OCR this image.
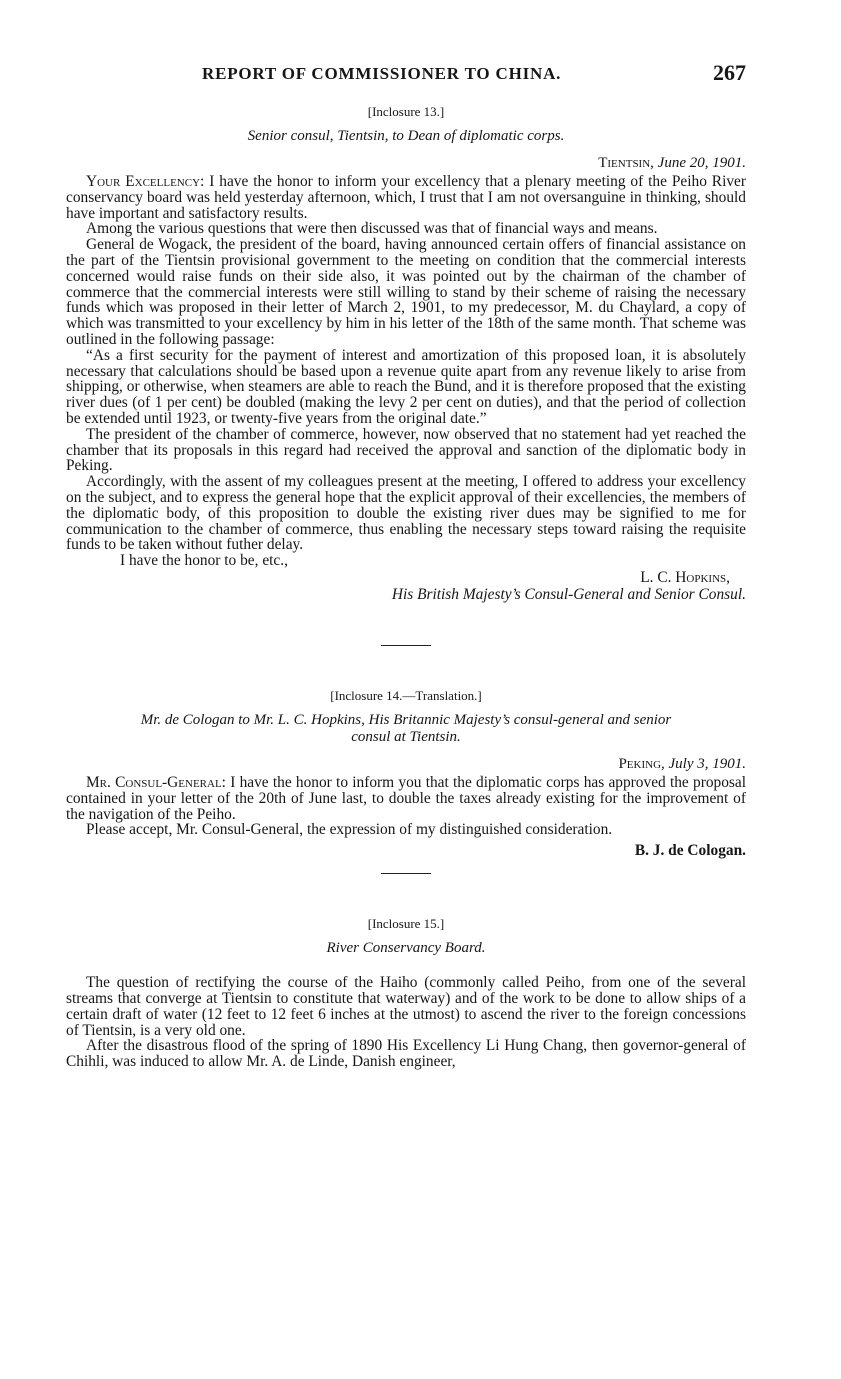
REPORT OF COMMISSIONER TO CHINA.	267
[Inclosure 13.]
Senior consul, Tientsin, to Dean of diplomatic corps.
Tientsin, June 20, 1901.

Your Excellency: I have the honor to inform your excellency that a plenary meeting of the Peiho River conservancy board was held yesterday afternoon, which, I trust that I am not oversanguine in thinking, should have important and satisfactory results.

Among the various questions that were then discussed was that of financial ways and means.

General de Wogack, the president of the board, having announced certain offers of financial assistance on the part of the Tientsin provisional government to the meeting on condition that the commercial interests concerned would raise funds on their side also, it was pointed out by the chairman of the chamber of commerce that the commercial interests were still willing to stand by their scheme of raising the necessary funds which was proposed in their letter of March 2, 1901, to my predecessor, M. du Chaylard, a copy of which was transmitted to your excellency by him in his letter of the 18th of the same month. That scheme was outlined in the following passage:

“As a first security for the payment of interest and amortization of this proposed loan, it is absolutely necessary that calculations should be based upon a revenue quite apart from any revenue likely to arise from shipping, or otherwise, when steamers are able to reach the Bund, and it is therefore proposed that the existing river dues (of 1 per cent) be doubled (making the levy 2 per cent on duties), and that the period of collection be extended until 1923, or twenty-five years from the original date.”

The president of the chamber of commerce, however, now observed that no statement had yet reached the chamber that its proposals in this regard had received the approval and sanction of the diplomatic body in Peking.

Accordingly, with the assent of my colleagues present at the meeting, I offered to address your excellency on the subject, and to express the general hope that the explicit approval of their excellencies, the members of the diplomatic body, of this proposition to double the existing river dues may be signified to me for communication to the chamber of commerce, thus enabling the necessary steps toward raising the requisite funds to be taken without futher delay.

I have the honor to be, etc.,

L. C. Hopkins,
His British Majesty’s Consul-General and Senior Consul.
[Inclosure 14.—Translation.]
Mr. de Cologan to Mr. L. C. Hopkins, His Britannic Majesty’s consul-general and senior
consul at Tientsin.
Peking, July 3, 1901.

Mr. Consul-General: I have the honor to inform you that the diplomatic corps has approved the proposal contained in your letter of the 20th of June last, to double the taxes already existing for the improvement of the navigation of the Peiho.

Please accept, Mr. Consul-General, the expression of my distinguished consideration.

B. J. de Cologan.
[Inclosure 15.]
River Conservancy Board.

The question of rectifying the course of the Haiho (commonly called Peiho, from one of the several streams that converge at Tientsin to constitute that waterway) and of the work to be done to allow ships of a certain draft of water (12 feet to 12 feet 6 inches at the utmost) to ascend the river to the foreign concessions of Tientsin, is a very old one.

After the disastrous flood of the spring of 1890 His Excellency Li Hung Chang, then governor-general of Chihli, was induced to allow Mr. A. de Linde, Danish engineer,
